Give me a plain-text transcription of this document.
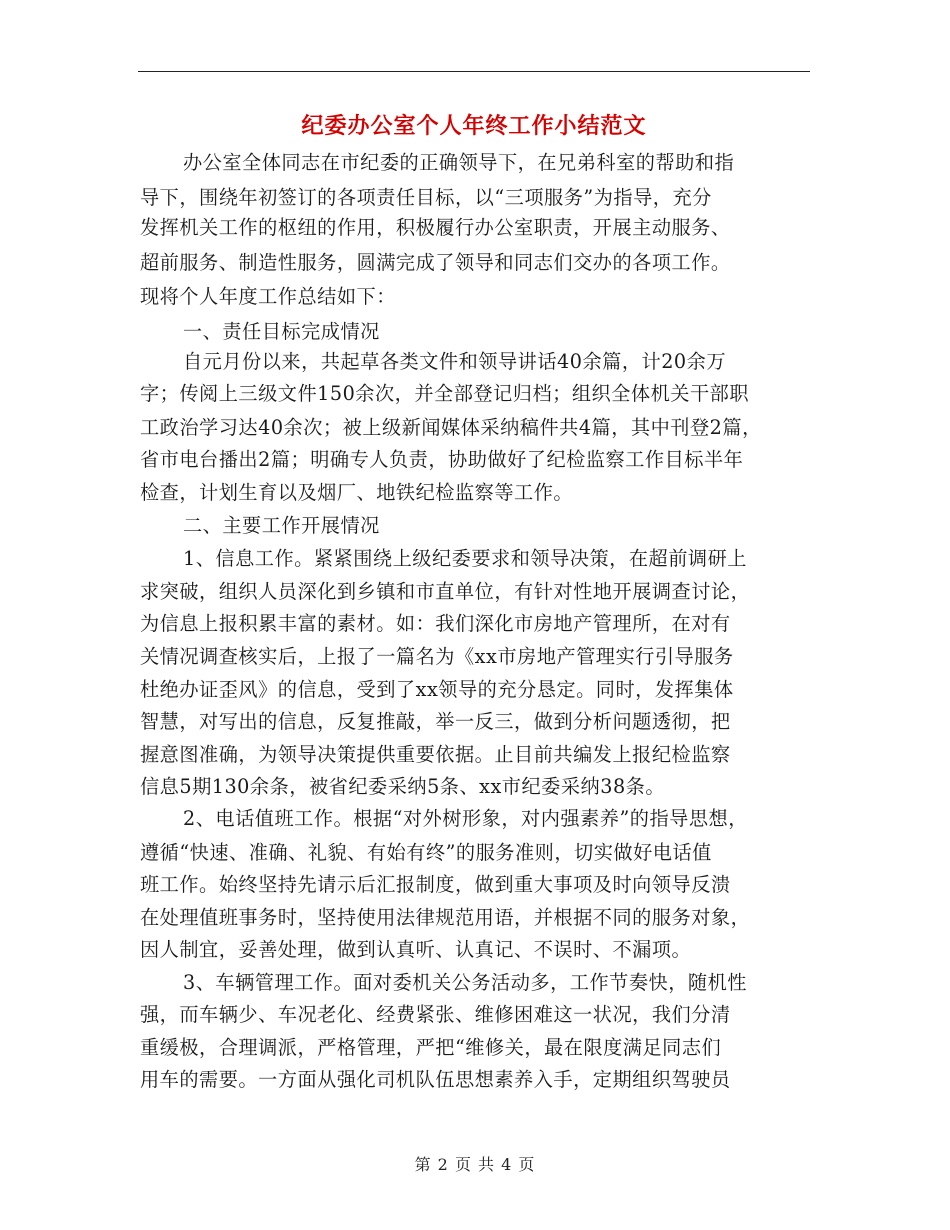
纪委办公室个人年终工作小结范文
办公室全体同志在市纪委的正确领导下，在兄弟科室的帮助和指
导下，围绕年初签订的各项责任目标，以“三项服务”为指导，充分
发挥机关工作的枢纽的作用，积极履行办公室职责，开展主动服务、
超前服务、制造性服务，圆满完成了领导和同志们交办的各项工作。
现将个人年度工作总结如下：
一、责任目标完成情况
自元月份以来，共起草各类文件和领导讲话40余篇，计20余万
字；传阅上三级文件150余次，并全部登记归档；组织全体机关干部职
工政治学习达40余次；被上级新闻媒体采纳稿件共4篇，其中刊登2篇，
省市电台播出2篇；明确专人负责，协助做好了纪检监察工作目标半年
检查，计划生育以及烟厂、地铁纪检监察等工作。
二、主要工作开展情况
1、信息工作。紧紧围绕上级纪委要求和领导决策，在超前调研上
求突破，组织人员深化到乡镇和市直单位，有针对性地开展调查讨论，
为信息上报积累丰富的素材。如：我们深化市房地产管理所，在对有
关情况调查核实后，上报了一篇名为《xx市房地产管理实行引导服务
杜绝办证歪风》的信息，受到了xx领导的充分恳定。同时，发挥集体
智慧，对写出的信息，反复推敲，举一反三，做到分析问题透彻，把
握意图准确，为领导决策提供重要依据。止目前共编发上报纪检监察
信息5期130余条，被省纪委采纳5条、xx市纪委采纳38条。
2、电话值班工作。根据“对外树形象，对内强素养”的指导思想，
遵循“快速、准确、礼貌、有始有终”的服务准则，切实做好电话值
班工作。始终坚持先请示后汇报制度，做到重大事项及时向领导反溃
在处理值班事务时，坚持使用法律规范用语，并根据不同的服务对象，
因人制宜，妥善处理，做到认真听、认真记、不误时、不漏项。
3、车辆管理工作。面对委机关公务活动多，工作节奏快，随机性
强，而车辆少、车况老化、经费紧张、维修困难这一状况，我们分清
重缓极，合理调派，严格管理，严把“维修关，最在限度满足同志们
用车的需要。一方面从强化司机队伍思想素养入手，定期组织驾驶员
第 2 页 共 4 页
